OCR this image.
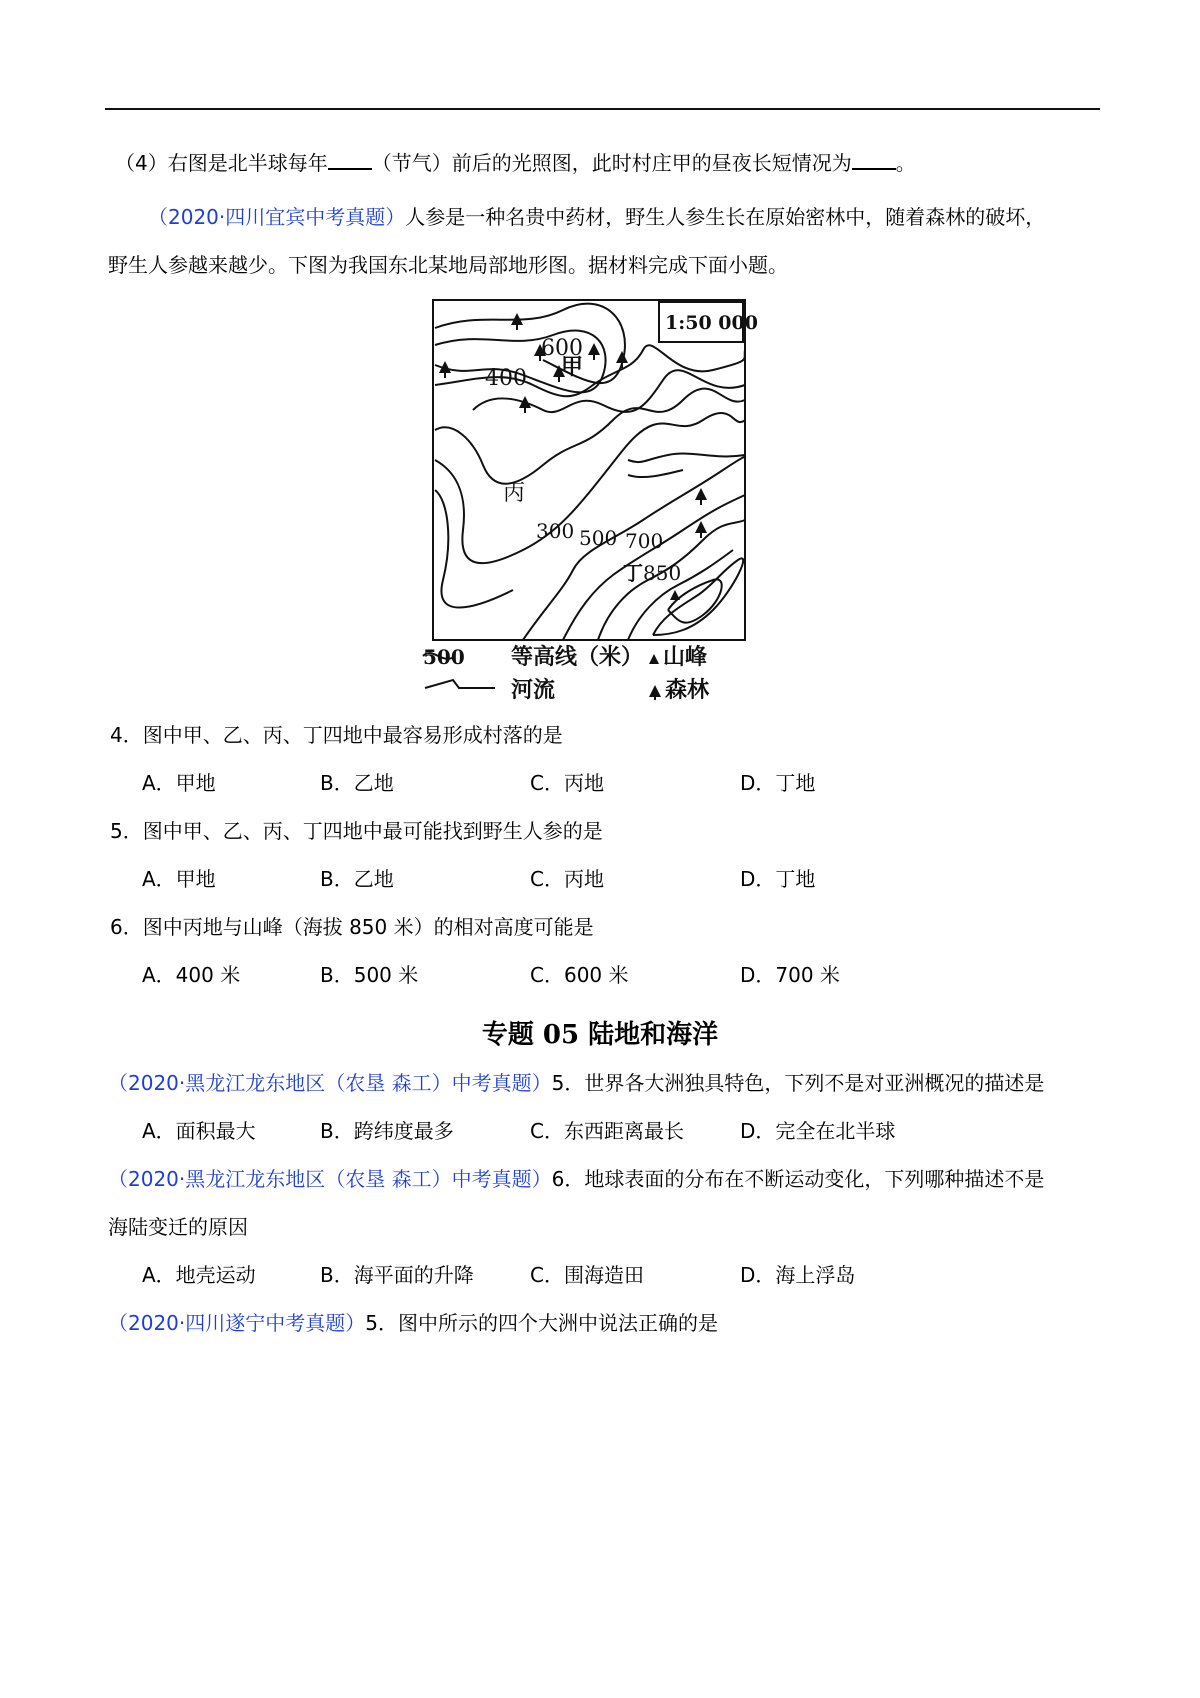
（4）右图是北半球每年 （节气）前后的光照图，此时村庄甲的昼夜长短情况为 。
（2020·四川宜宾中考真题）人参是一种名贵中药材，野生人参生长在原始密林中，随着森林的破坏，
野生人参越来越少。下图为我国东北某地局部地形图。据材料完成下面小题。
1:50 000
600
甲
400
丙
300 500 700
丁 850
500 等高线（米） 山峰
河流	森林
4．图中甲、乙、丙、丁四地中最容易形成村落的是
A．甲地	B．乙地	C．丙地	D．丁地
5．图中甲、乙、丙、丁四地中最可能找到野生人参的是
A．甲地	B．乙地	C．丙地	D．丁地
6．图中丙地与山峰（海拔 850 米）的相对高度可能是
A．400 米	B．500 米	C．600 米	D．700 米
专题 05 陆地和海洋
（2020·黑龙江龙东地区（农垦 森工）中考真题）5．世界各大洲独具特色，下列不是对亚洲概况的描述是
A．面积最大	B．跨纬度最多	C．东西距离最长	D．完全在北半球
（2020·黑龙江龙东地区（农垦 森工）中考真题）6．地球表面的分布在不断运动变化，下列哪种描述不是
海陆变迁的原因
A．地壳运动	B．海平面的升降	C．围海造田	D．海上浮岛
（2020·四川遂宁中考真题）5．图中所示的四个大洲中说法正确的是
